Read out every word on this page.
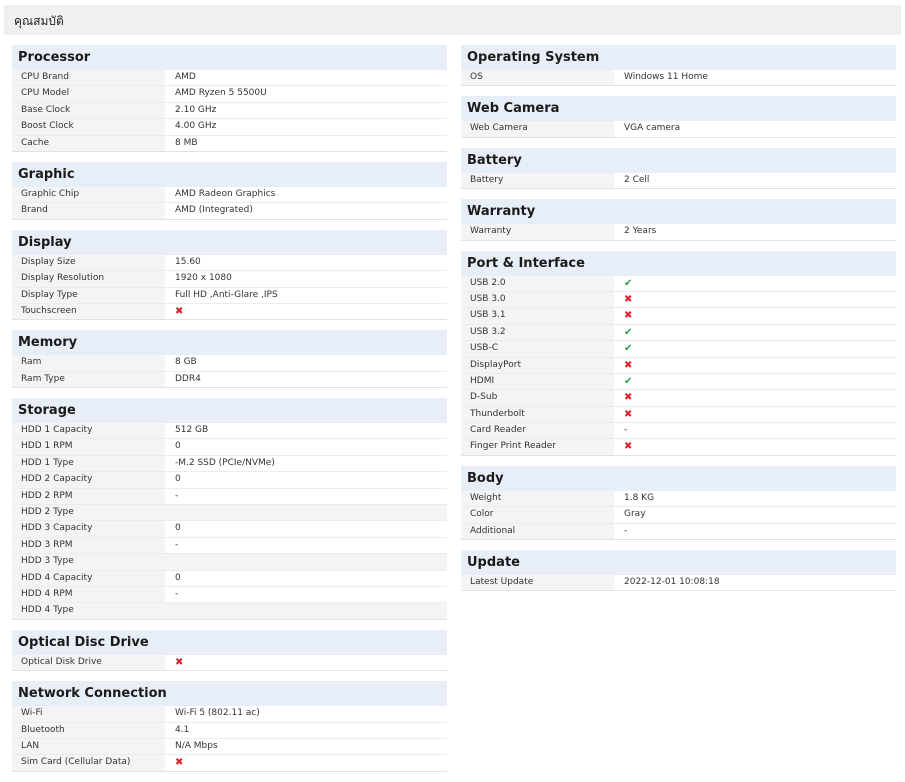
คุณสมบัติ
Processor
CPU Brand	AMD
CPU Model	AMD Ryzen 5 5500U
Base Clock	2.10 GHz
Boost Clock	4.00 GHz
Cache	8 MB
Graphic
Graphic Chip	AMD Radeon Graphics
Brand	AMD (Integrated)
Display
Display Size	15.60
Display Resolution	1920 x 1080
Display Type	Full HD ,Anti-Glare ,IPS
Touchscreen	✖
Memory
Ram	8 GB
Ram Type	DDR4
Storage
HDD 1 Capacity	512 GB
HDD 1 RPM	0
HDD 1 Type	-M.2 SSD (PCIe/NVMe)
HDD 2 Capacity	0
HDD 2 RPM	-
HDD 2 Type
HDD 3 Capacity	0
HDD 3 RPM	-
HDD 3 Type
HDD 4 Capacity	0
HDD 4 RPM	-
HDD 4 Type
Optical Disc Drive
Optical Disk Drive	✖
Network Connection
Wi-Fi	Wi-Fi 5 (802.11 ac)
Bluetooth	4.1
LAN	N/A Mbps
Sim Card (Cellular Data)	✖
Operating System
OS	Windows 11 Home
Web Camera
Web Camera	VGA camera
Battery
Battery	2 Cell
Warranty
Warranty	2 Years
Port & Interface
USB 2.0	✔
USB 3.0	✖
USB 3.1	✖
USB 3.2	✔
USB-C	✔
DisplayPort	✖
HDMI	✔
D-Sub	✖
Thunderbolt	✖
Card Reader	-
Finger Print Reader	✖
Body
Weight	1.8 KG
Color	Gray
Additional	-
Update
Latest Update	2022-12-01 10:08:18
